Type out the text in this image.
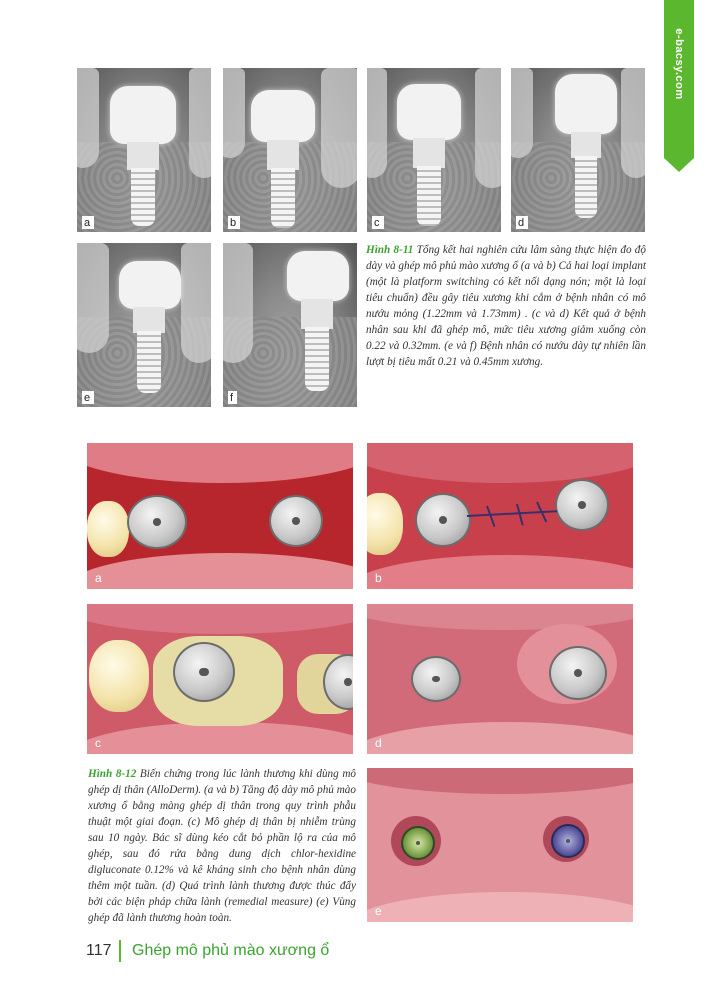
e-bacsy.com
a	b	c	d
e	f
Hình 8-11 Tổng kết hai nghiên cứu lâm sàng thực hiện đo độ dày và ghép mô phủ mào xương ổ (a và b) Cả hai loại implant (một là platform switching có kết nối dạng nón; một là loại tiêu chuẩn) đều gây tiêu xương khi cắm ở bệnh nhân có mô nướu mỏng (1.22mm và 1.73mm) . (c và d) Kết quả ở bệnh nhân sau khi đã ghép mô, mức tiêu xương giảm xuống còn 0.22 và 0.32mm. (e và f) Bệnh nhân có nướu dày tự nhiên lần lượt bị tiêu mất 0.21 và 0.45mm xương.
a	b
c	d
e
Hình 8-12 Biến chứng trong lúc lành thương khi dùng mô ghép dị thân (AlloDerm). (a và b) Tăng độ dày mô phủ mào xương ổ bằng màng ghép dị thân trong quy trình phẫu thuật một giai đoạn. (c) Mô ghép dị thân bị nhiễm trùng sau 10 ngày. Bác sĩ dùng kéo cắt bỏ phần lộ ra của mô ghép, sau đó rửa bằng dung dịch chlor-hexidine digluconate 0.12% và kê kháng sinh cho bệnh nhân dùng thêm một tuần. (d) Quá trình lành thương được thúc đẩy bởi các biện pháp chữa lành (remedial measure) (e) Vùng ghép đã lành thương hoàn toàn.
117 Ghép mô phủ mào xương ổ
